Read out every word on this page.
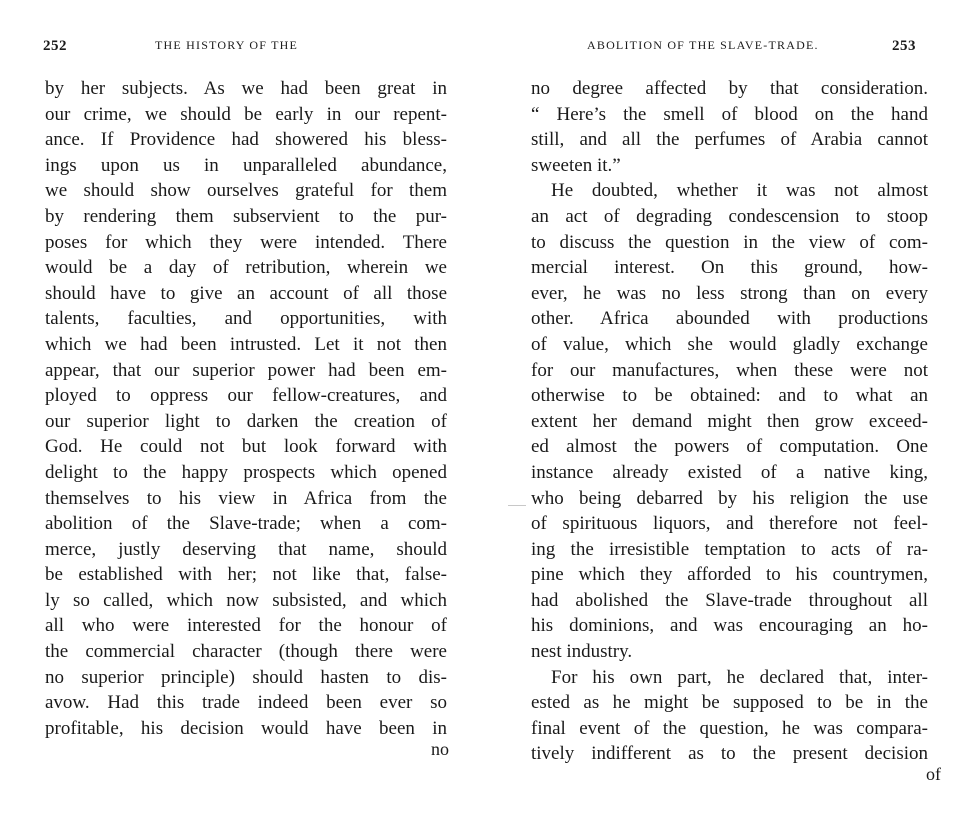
252	THE HISTORY OF THE
by her subjects. As we had been great in
our crime, we should be early in our repent-
ance. If Providence had showered his bless-
ings upon us in unparalleled abundance,
we should show ourselves grateful for them
by rendering them subservient to the pur-
poses for which they were intended. There
would be a day of retribution, wherein we
should have to give an account of all those
talents, faculties, and opportunities, with
which we had been intrusted. Let it not then
appear, that our superior power had been em-
ployed to oppress our fellow-creatures, and
our superior light to darken the creation of
God. He could not but look forward with
delight to the happy prospects which opened
themselves to his view in Africa from the
abolition of the Slave-trade; when a com-
merce, justly deserving that name, should
be established with her; not like that, false-
ly so called, which now subsisted, and which
all who were interested for the honour of
the commercial character (though there were
no superior principle) should hasten to dis-
avow. Had this trade indeed been ever so
profitable, his decision would have been in
no
ABOLITION OF THE SLAVE-TRADE.	253
no degree affected by that consideration.
“ Here’s the smell of blood on the hand
still, and all the perfumes of Arabia cannot
sweeten it.”
He doubted, whether it was not almost
an act of degrading condescension to stoop
to discuss the question in the view of com-
mercial interest. On this ground, how-
ever, he was no less strong than on every
other. Africa abounded with productions
of value, which she would gladly exchange
for our manufactures, when these were not
otherwise to be obtained: and to what an
extent her demand might then grow exceed-
ed almost the powers of computation. One
instance already existed of a native king,
who being debarred by his religion the use
of spirituous liquors, and therefore not feel-
ing the irresistible temptation to acts of ra-
pine which they afforded to his countrymen,
had abolished the Slave-trade throughout all
his dominions, and was encouraging an ho-
nest industry.
For his own part, he declared that, inter-
ested as he might be supposed to be in the
final event of the question, he was compara-
tively indifferent as to the present decision
of
